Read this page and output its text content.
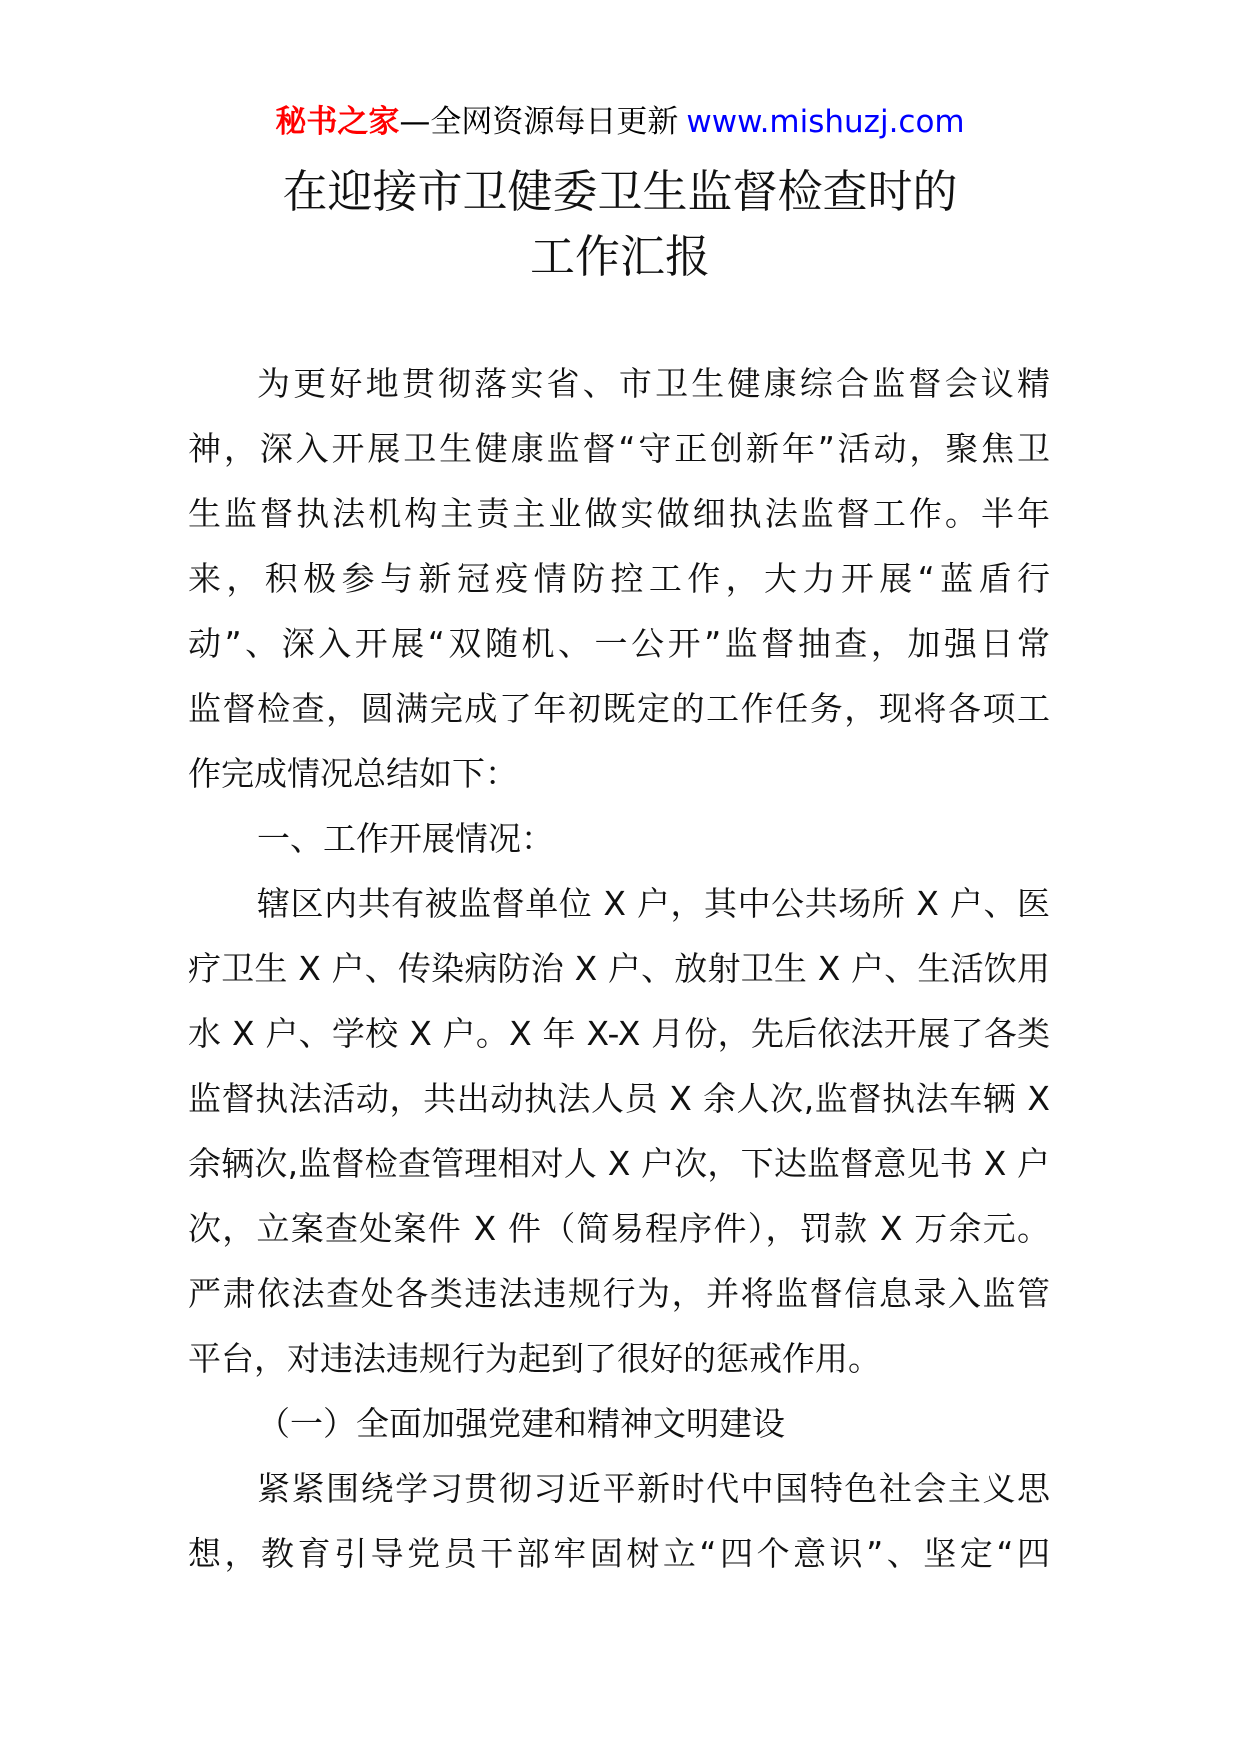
秘书之家—全网资源每日更新 www.mishuzj.com
在迎接市卫健委卫生监督检查时的
工作汇报
为更好地贯彻落实省、市卫生健康综合监督会议精
神，深入开展卫生健康监督“守正创新年”活动，聚焦卫
生监督执法机构主责主业做实做细执法监督工作。半年
来，积极参与新冠疫情防控工作，大力开展“蓝盾行
动”、深入开展“双随机、一公开”监督抽查，加强日常
监督检查，圆满完成了年初既定的工作任务，现将各项工
作完成情况总结如下：
一、工作开展情况：
辖区内共有被监督单位 X 户，其中公共场所 X 户、医
疗卫生 X 户、传染病防治 X 户、放射卫生 X 户、生活饮用
水 X 户、学校 X 户。X 年 X-X 月份，先后依法开展了各类
监督执法活动，共出动执法人员 X 余人次,监督执法车辆 X
余辆次,监督检查管理相对人 X 户次，下达监督意见书 X 户
次，立案查处案件 X 件（简易程序件），罚款 X 万余元。
严肃依法查处各类违法违规行为，并将监督信息录入监管
平台，对违法违规行为起到了很好的惩戒作用。
（一）全面加强党建和精神文明建设
紧紧围绕学习贯彻习近平新时代中国特色社会主义思
想，教育引导党员干部牢固树立“四个意识”、坚定“四
